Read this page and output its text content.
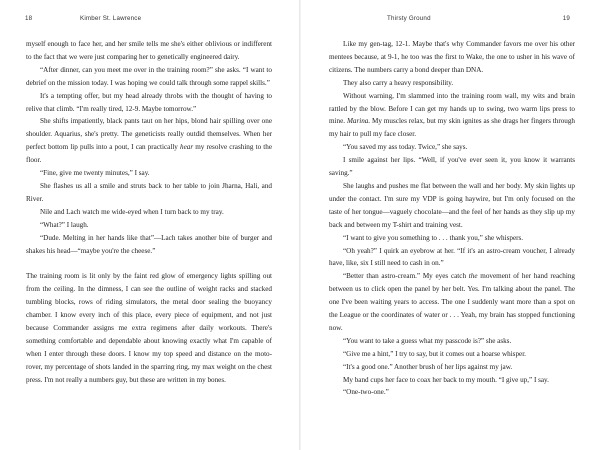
18	Kimber St. Lawrence

myself enough to face her, and her smile tells me she's either oblivious or indifferent to the fact that we were just comparing her to genetically engineered dairy.

“After dinner, can you meet me over in the training room?” she asks. “I want to debrief on the mission today. I was hoping we could talk through some rappel skills.”

It's a tempting offer, but my head already throbs with the thought of having to relive that climb. “I'm really tired, 12-9. Maybe tomorrow.”

She shifts impatiently, black pants taut on her hips, blond hair spilling over one shoulder. Aquarius, she's pretty. The geneticists really outdid themselves. When her perfect bottom lip pulls into a pout, I can practically hear my resolve crashing to the floor.

“Fine, give me twenty minutes,” I say.

She flashes us all a smile and struts back to her table to join Jharna, Hali, and River.

Nile and Lach watch me wide-eyed when I turn back to my tray.

“What?” I laugh.

“Dude. Melting in her hands like that”—Lach takes another bite of burger and shakes his head—“maybe you're the cheese.”

The training room is lit only by the faint red glow of emergency lights spilling out from the ceiling. In the dimness, I can see the outline of weight racks and stacked tumbling blocks, rows of riding simulators, the metal door sealing the buoyancy chamber. I know every inch of this place, every piece of equipment, and not just because Commander assigns me extra regimens after daily workouts. There's something comfortable and dependable about knowing exactly what I'm capable of when I enter through these doors. I know my top speed and distance on the moto-rover, my percentage of shots landed in the sparring ring, my max weight on the chest press. I'm not really a numbers guy, but these are written in my bones.

Thirsty Ground	19

Like my gen-tag, 12-1. Maybe that's why Commander favors me over his other mentees because, at 9-1, he too was the first to Wake, the one to usher in his wave of citizens. The numbers carry a bond deeper than DNA.

They also carry a heavy responsibility.

Without warning, I'm slammed into the training room wall, my wits and brain rattled by the blow. Before I can get my hands up to swing, two warm lips press to mine. Marina. My muscles relax, but my skin ignites as she drags her fingers through my hair to pull my face closer.

“You saved my ass today. Twice,” she says.

I smile against her lips. “Well, if you've ever seen it, you know it warrants saving.”

She laughs and pushes me flat between the wall and her body. My skin lights up under the contact. I'm sure my VDP is going haywire, but I'm only focused on the taste of her tongue—vaguely chocolate—and the feel of her hands as they slip up my back and between my T-shirt and training vest.

“I want to give you something to . . . thank you,” she whispers.

“Oh yeah?” I quirk an eyebrow at her. “If it's an astro-cream voucher, I already have, like, six I still need to cash in on.”

“Better than astro-cream.” My eyes catch the movement of her hand reaching between us to click open the panel by her belt. Yes. I'm talking about the panel. The one I've been waiting years to access. The one I suddenly want more than a spot on the League or the coordinates of water or . . . Yeah, my brain has stopped functioning now.

“You want to take a guess what my passcode is?” she asks.

“Give me a hint,” I try to say, but it comes out a hoarse whisper.

“It's a good one.” Another brush of her lips against my jaw.

My band cups her face to coax her back to my mouth. “I give up,” I say.

“One-two-one.”
